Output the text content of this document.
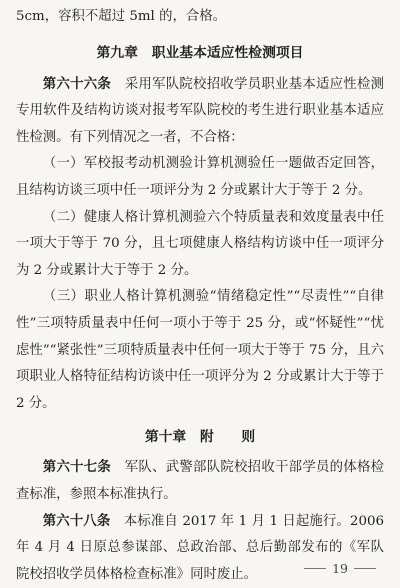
5cm，容积不超过 5ml 的，合格。

第九章　职业基本适应性检测项目

第六十六条　采用军队院校招收学员职业基本适应性检测专用软件及结构访谈对报考军队院校的考生进行职业基本适应性检测。有下列情况之一者，不合格：

（一）军校报考动机测验计算机测验任一题做否定回答，且结构访谈三项中任一项评分为 2 分或累计大于等于 2 分。

（二）健康人格计算机测验六个特质量表和效度量表中任一项大于等于 70 分，且七项健康人格结构访谈中任一项评分为 2 分或累计大于等于 2 分。

（三）职业人格计算机测验“情绪稳定性”“尽责性”“自律性”三项特质量表中任何一项小于等于 25 分，或“怀疑性”“忧虑性”“紧张性”三项特质量表中任何一项大于等于 75 分，且六项职业人格特征结构访谈中任一项评分为 2 分或累计大于等于 2 分。

第十章　附　　则

第六十七条　军队、武警部队院校招收干部学员的体格检查标准，参照本标准执行。

第六十八条　本标准自 2017 年 1 月 1 日起施行。2006 年 4 月 4 日原总参谋部、总政治部、总后勤部发布的《军队院校招收学员体格检查标准》同时废止。	19
